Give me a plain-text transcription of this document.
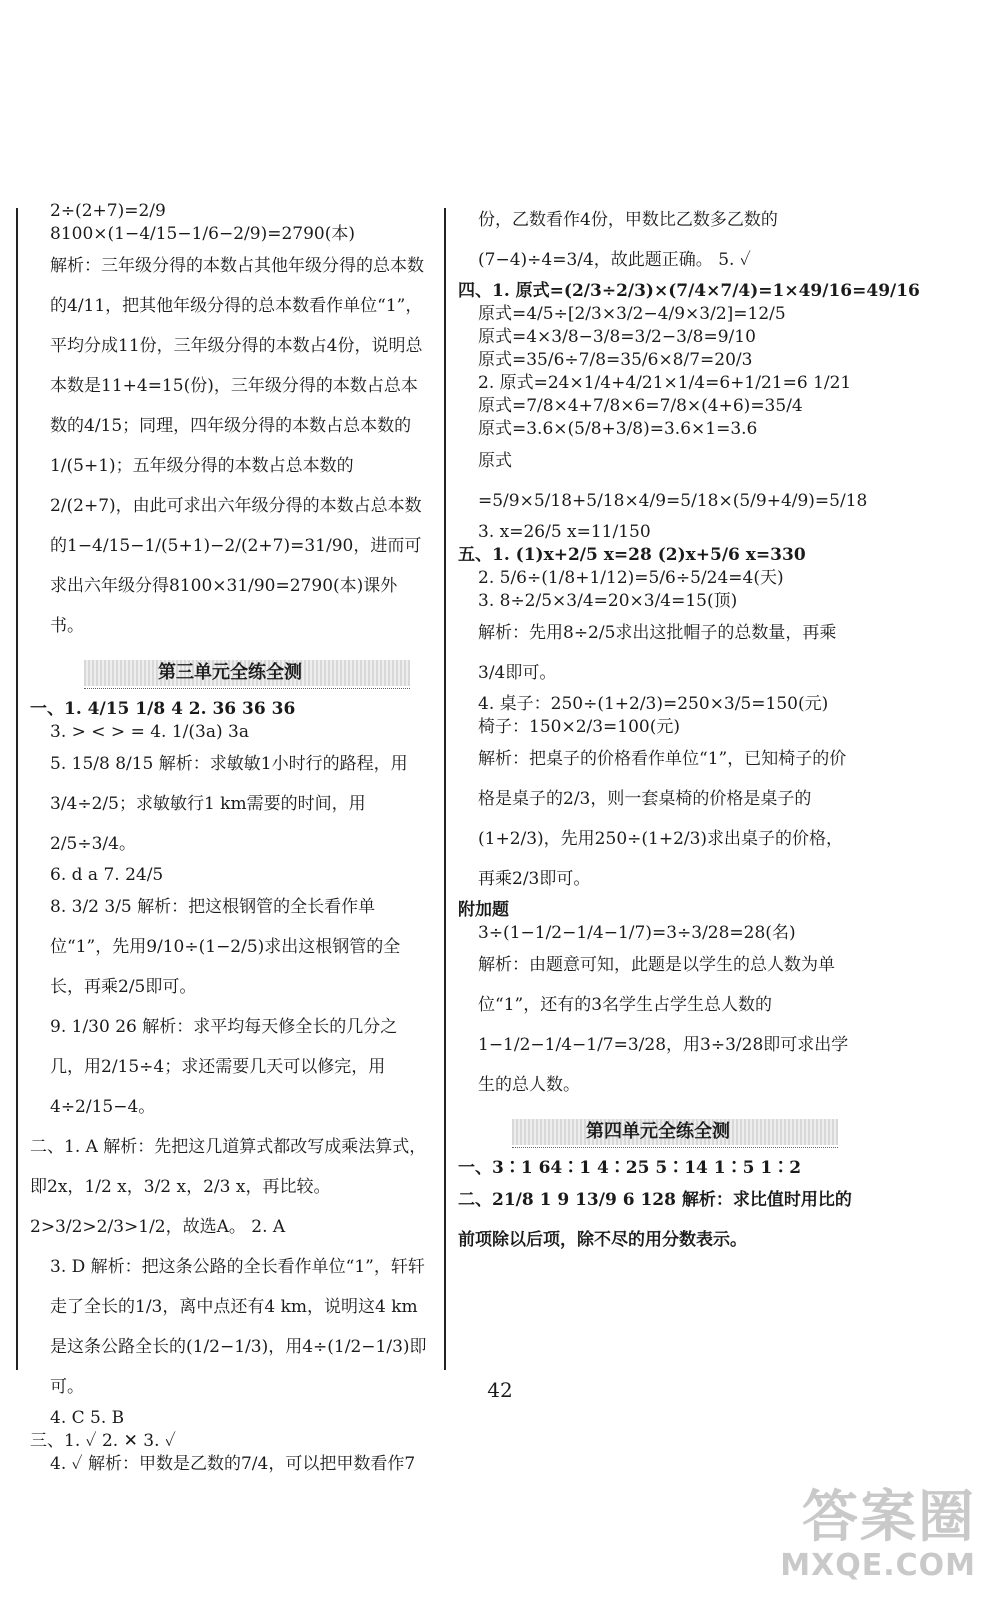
2÷(2+7)=2/9

8100×(1−4/15−1/6−2/9)=2790(本)

解析：三年级分得的本数占其他年级分得的总本数的4/11，把其他年级分得的总本数看作单位“1”，平均分成11份，三年级分得的本数占4份，说明总本数是11+4=15(份)，三年级分得的本数占总本数的4/15；同理，四年级分得的本数占总本数的1/(5+1)；五年级分得的本数占总本数的2/(2+7)，由此可求出六年级分得的本数占总本数的1−4/15−1/(5+1)−2/(2+7)=31/90，进而可求出六年级分得8100×31/90=2790(本)课外书。

第三单元全练全测

一、1. 4/15 1/8 4 2. 36 36 36

3. > < > = 4. 1/(3a) 3a

5. 15/8 8/15 解析：求敏敏1小时行的路程，用3/4÷2/5；求敏敏行1 km需要的时间，用2/5÷3/4。

6. d a 7. 24/5

8. 3/2 3/5 解析：把这根钢管的全长看作单位“1”，先用9/10÷(1−2/5)求出这根钢管的全长，再乘2/5即可。

9. 1/30 26 解析：求平均每天修全长的几分之几，用2/15÷4；求还需要几天可以修完，用4÷2/15−4。

二、1. A 解析：先把这几道算式都改写成乘法算式，即2x，1/2 x，3/2 x，2/3 x，再比较。2>3/2>2/3>1/2，故选A。 2. A

3. D 解析：把这条公路的全长看作单位“1”，轩轩走了全长的1/3，离中点还有4 km，说明这4 km是这条公路全长的(1/2−1/3)，用4÷(1/2−1/3)即可。

4. C 5. B

三、1. ✓ 2. ✕ 3. ✓

4. ✓ 解析：甲数是乙数的7/4，可以把甲数看作7

份，乙数看作4份，甲数比乙数多乙数的(7−4)÷4=3/4，故此题正确。 5. ✓

四、1. 原式=(2/3÷2/3)×(7/4×7/4)=1×49/16=49/16

原式=4/5÷[2/3×3/2−4/9×3/2]=12/5

原式=4×3/8−3/8=3/2−3/8=9/10

原式=35/6÷7/8=35/6×8/7=20/3

2. 原式=24×1/4+4/21×1/4=6+1/21=6 1/21

原式=7/8×4+7/8×6=7/8×(4+6)=35/4

原式=3.6×(5/8+3/8)=3.6×1=3.6

原式=5/9×5/18+5/18×4/9=5/18×(5/9+4/9)=5/18

3. x=26/5 x=11/150

五、1. (1)x+2/5 x=28 (2)x+5/6 x=330

2. 5/6÷(1/8+1/12)=5/6÷5/24=4(天)

3. 8÷2/5×3/4=20×3/4=15(顶)

解析：先用8÷2/5求出这批帽子的总数量，再乘3/4即可。

4. 桌子：250÷(1+2/3)=250×3/5=150(元)

椅子：150×2/3=100(元)

解析：把桌子的价格看作单位“1”，已知椅子的价格是桌子的2/3，则一套桌椅的价格是桌子的(1+2/3)，先用250÷(1+2/3)求出桌子的价格，再乘2/3即可。

附加题

3÷(1−1/2−1/4−1/7)=3÷3/28=28(名)

解析：由题意可知，此题是以学生的总人数为单位“1”，还有的3名学生占学生总人数的1−1/2−1/4−1/7=3/28，用3÷3/28即可求出学生的总人数。

第四单元全练全测

一、3∶1 64∶1 4∶25 5∶14 1∶5 1∶2

二、21/8 1 9 13/9 6 128 解析：求比值时用比的前项除以后项，除不尽的用分数表示。

42
答案圈
MXQE.COM
